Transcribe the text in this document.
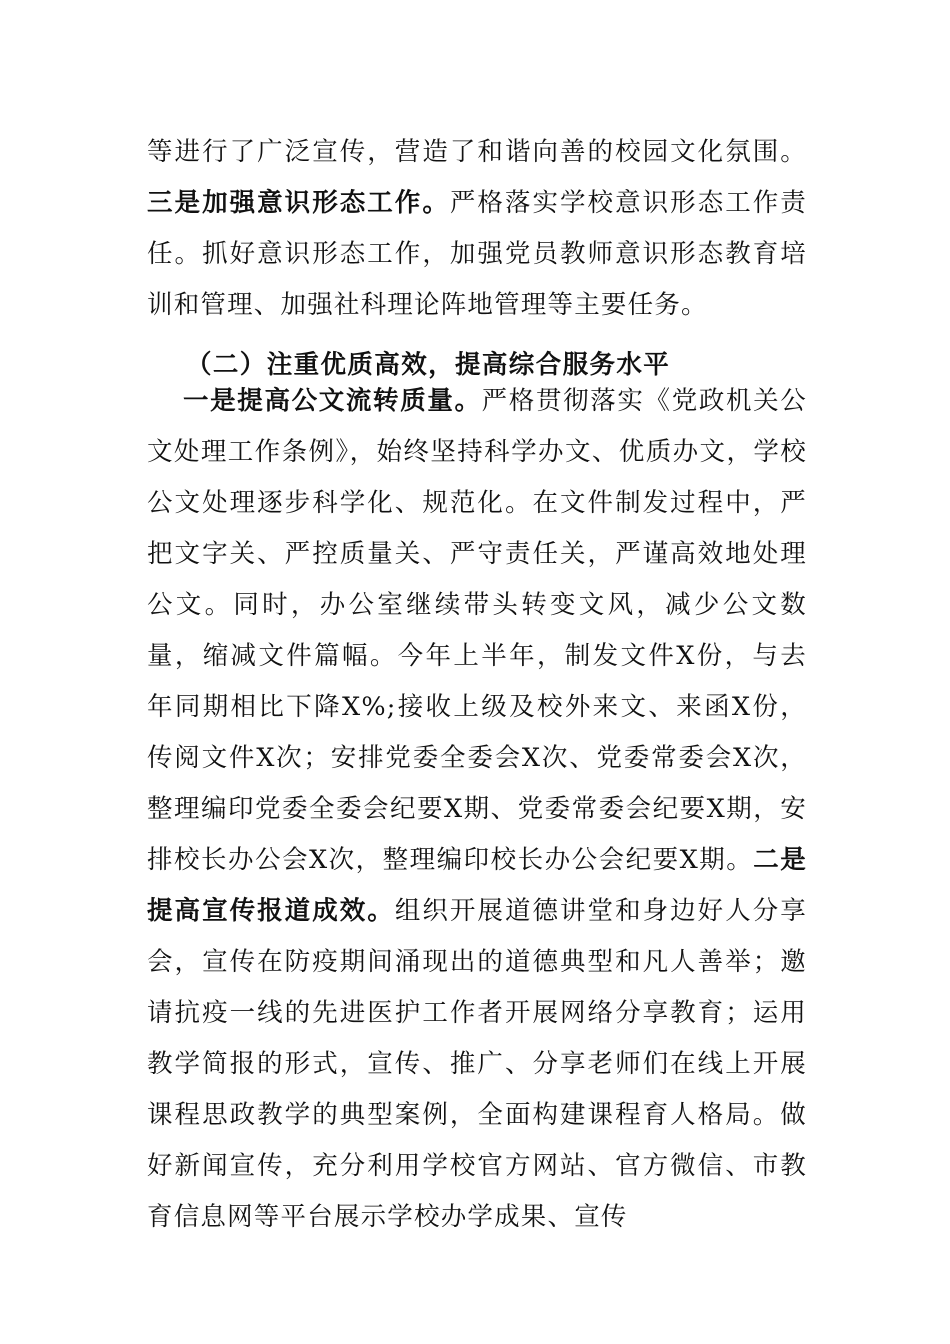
等进行了广泛宣传，营造了和谐向善的校园文化氛围。三是加强意识形态工作。严格落实学校意识形态工作责任。抓好意识形态工作，加强党员教师意识形态教育培训和管理、加强社科理论阵地管理等主要任务。

（二）注重优质高效，提高综合服务水平

一是提高公文流转质量。严格贯彻落实《党政机关公文处理工作条例》，始终坚持科学办文、优质办文，学校公文处理逐步科学化、规范化。在文件制发过程中，严把文字关、严控质量关、严守责任关，严谨高效地处理公文。同时，办公室继续带头转变文风，减少公文数量，缩减文件篇幅。今年上半年，制发文件X份，与去年同期相比下降X%;接收上级及校外来文、来函X份，传阅文件X次；安排党委全委会X次、党委常委会X次，整理编印党委全委会纪要X期、党委常委会纪要X期，安排校长办公会X次，整理编印校长办公会纪要X期。二是提高宣传报道成效。组织开展道德讲堂和身边好人分享会，宣传在防疫期间涌现出的道德典型和凡人善举；邀请抗疫一线的先进医护工作者开展网络分享教育；运用教学简报的形式，宣传、推广、分享老师们在线上开展课程思政教学的典型案例，全面构建课程育人格局。做好新闻宣传，充分利用学校官方网站、官方微信、市教育信息网等平台展示学校办学成果、宣传
